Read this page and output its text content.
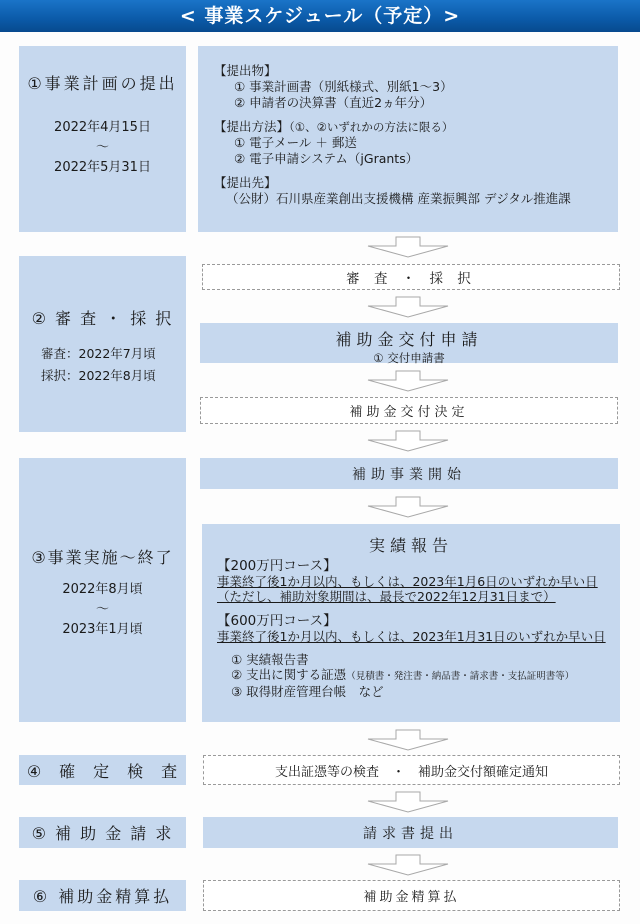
< 事業スケジュール（予定）>
①事業計画の提出
2022年4月15日
～
2022年5月31日
【提出物】
① 事業計画書（別紙様式、別紙1～3）
② 申請者の決算書（直近2ヵ年分）
【提出方法】（①、②いずれかの方法に限る）
① 電子メール ＋ 郵送
② 電子申請システム（jGrants）
【提出先】
（公財）石川県産業創出支援機構 産業振興部 デジタル推進課
② 審 査 ・ 採 択
審査：2022年7月頃
採択：2022年8月頃
審 査 ・ 採 択
補助金交付申請
① 交付申請書
補助金交付決定
③事業実施～終了
2022年8月頃
～
2023年1月頃
補助事業開始
実績報告
【200万円コース】
事業終了後1か月以内、もしくは、2023年1月6日のいずれか早い日
（ただし、補助対象期間は、最長で2022年12月31日まで）
【600万円コース】
事業終了後1か月以内、もしくは、2023年1月31日のいずれか早い日
① 実績報告書
② 支出に関する証憑（見積書・発注書・納品書・請求書・支払証明書等）
③ 取得財産管理台帳　など
④　確　定　検　査	支出証憑等の検査　・　補助金交付額確定通知
⑤ 補 助 金 請 求	請求書提出
⑥ 補助金精算払	補助金精算払
